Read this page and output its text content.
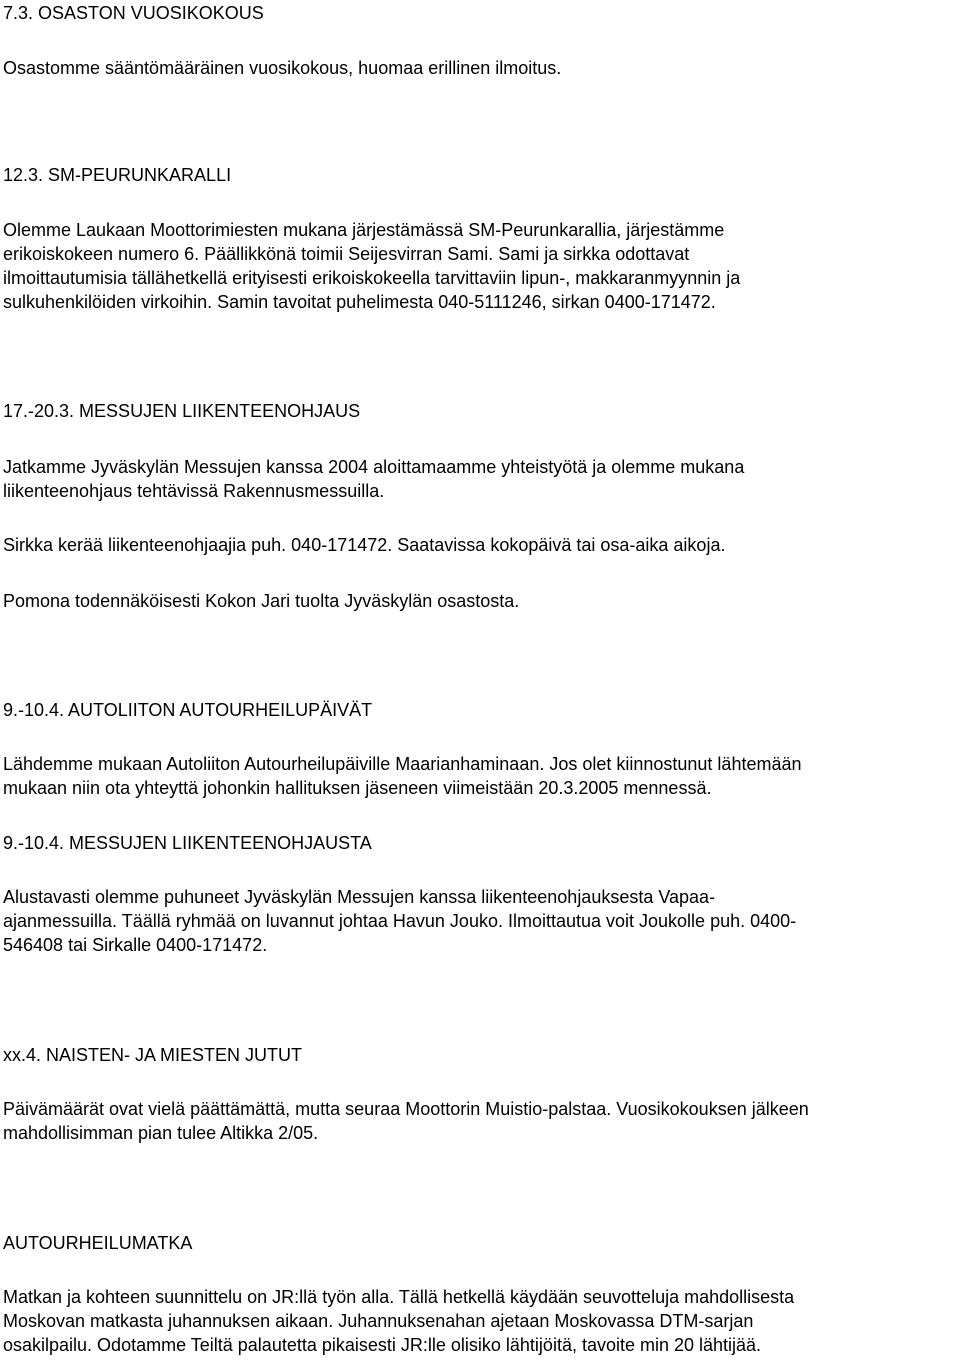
7.3. OSASTON VUOSIKOKOUS
Osastomme sääntömääräinen vuosikokous, huomaa erillinen ilmoitus.
12.3. SM-PEURUNKARALLI
Olemme Laukaan Moottorimiesten mukana järjestämässä SM-Peurunkarallia, järjestämme
erikoiskokeen numero 6. Päällikkönä toimii Seijesvirran Sami. Sami ja sirkka odottavat
ilmoittautumisia tällähetkellä erityisesti erikoiskokeella tarvittaviin lipun-, makkaranmyynnin ja
sulkuhenkilöiden virkoihin. Samin tavoitat puhelimesta 040-5111246, sirkan 0400-171472.
17.-20.3. MESSUJEN LIIKENTEENOHJAUS
Jatkamme Jyväskylän Messujen kanssa 2004 aloittamaamme yhteistyötä ja olemme mukana
liikenteenohjaus tehtävissä Rakennusmessuilla.
Sirkka kerää liikenteenohjaajia puh. 040-171472. Saatavissa kokopäivä tai osa-aika aikoja.
Pomona todennäköisesti Kokon Jari tuolta Jyväskylän osastosta.
9.-10.4. AUTOLIITON AUTOURHEILUPÄIVÄT
Lähdemme mukaan Autoliiton Autourheilupäiville Maarianhaminaan. Jos olet kiinnostunut lähtemään
mukaan niin ota yhteyttä johonkin hallituksen jäseneen viimeistään 20.3.2005 mennessä.
9.-10.4. MESSUJEN LIIKENTEENOHJAUSTA
Alustavasti olemme puhuneet Jyväskylän Messujen kanssa liikenteenohjauksesta Vapaa-
ajanmessuilla. Täällä ryhmää on luvannut johtaa Havun Jouko. Ilmoittautua voit Joukolle puh. 0400-
546408 tai Sirkalle 0400-171472.
xx.4. NAISTEN- JA MIESTEN JUTUT
Päivämäärät ovat vielä päättämättä, mutta seuraa Moottorin Muistio-palstaa. Vuosikokouksen jälkeen
mahdollisimman pian tulee Altikka 2/05.
AUTOURHEILUMATKA
Matkan ja kohteen suunnittelu on JR:llä työn alla. Tällä hetkellä käydään seuvotteluja mahdollisesta
Moskovan matkasta juhannuksen aikaan. Juhannuksenahan ajetaan Moskovassa DTM-sarjan
osakilpailu. Odotamme Teiltä palautetta pikaisesti JR:lle olisiko lähtijöitä, tavoite min 20 lähtijää.
